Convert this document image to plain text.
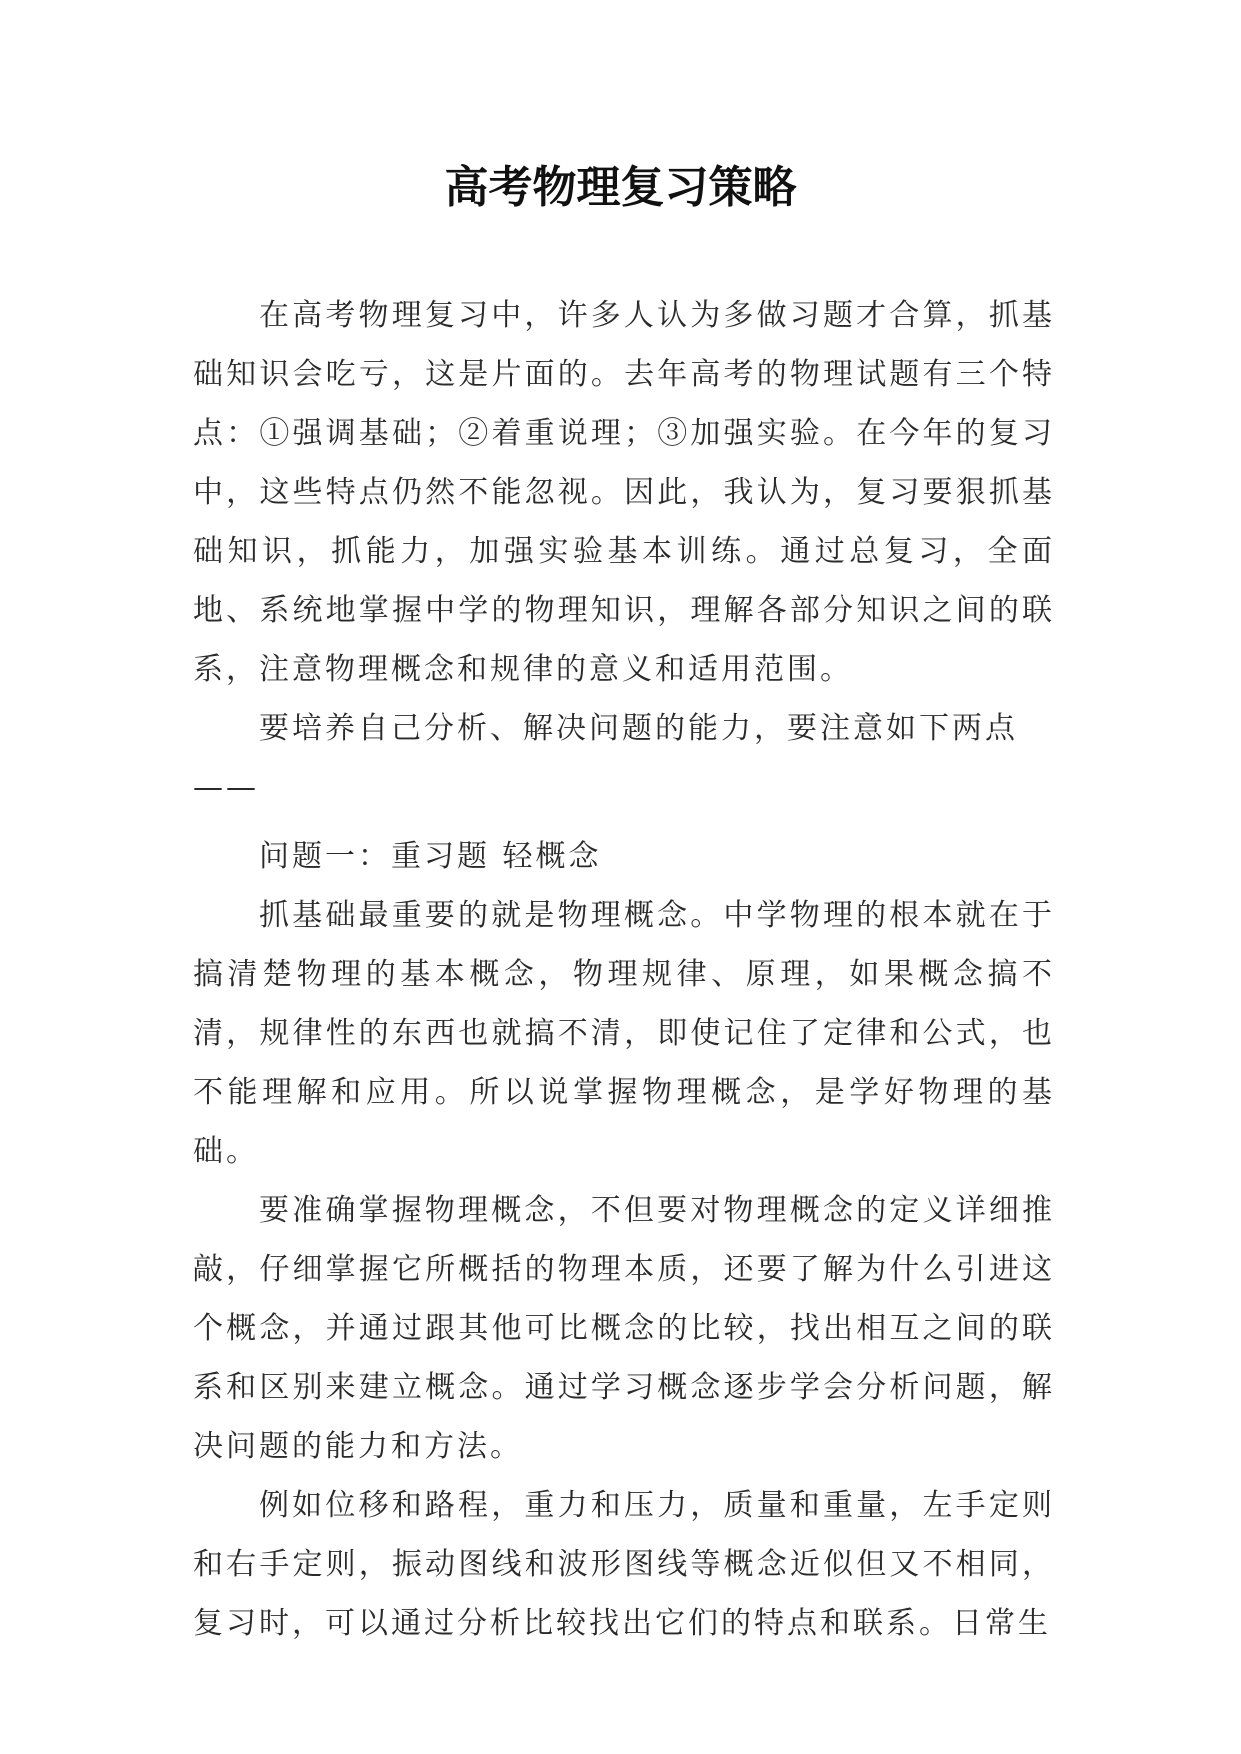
高考物理复习策略

在高考物理复习中，许多人认为多做习题才合算，抓基础知识会吃亏，这是片面的。去年高考的物理试题有三个特点：①强调基础；②着重说理；③加强实验。在今年的复习中，这些特点仍然不能忽视。因此，我认为，复习要狠抓基础知识，抓能力，加强实验基本训练。通过总复习，全面地、系统地掌握中学的物理知识，理解各部分知识之间的联系，注意物理概念和规律的意义和适用范围。

要培养自己分析、解决问题的能力，要注意如下两点

——

问题一：重习题 轻概念

抓基础最重要的就是物理概念。中学物理的根本就在于搞清楚物理的基本概念，物理规律、原理，如果概念搞不清，规律性的东西也就搞不清，即使记住了定律和公式，也不能理解和应用。所以说掌握物理概念，是学好物理的基础。

要准确掌握物理概念，不但要对物理概念的定义详细推敲，仔细掌握它所概括的物理本质，还要了解为什么引进这个概念，并通过跟其他可比概念的比较，找出相互之间的联系和区别来建立概念。通过学习概念逐步学会分析问题，解决问题的能力和方法。

例如位移和路程，重力和压力，质量和重量，左手定则和右手定则，振动图线和波形图线等概念近似但又不相同，复习时，可以通过分析比较找出它们的特点和联系。日常生
